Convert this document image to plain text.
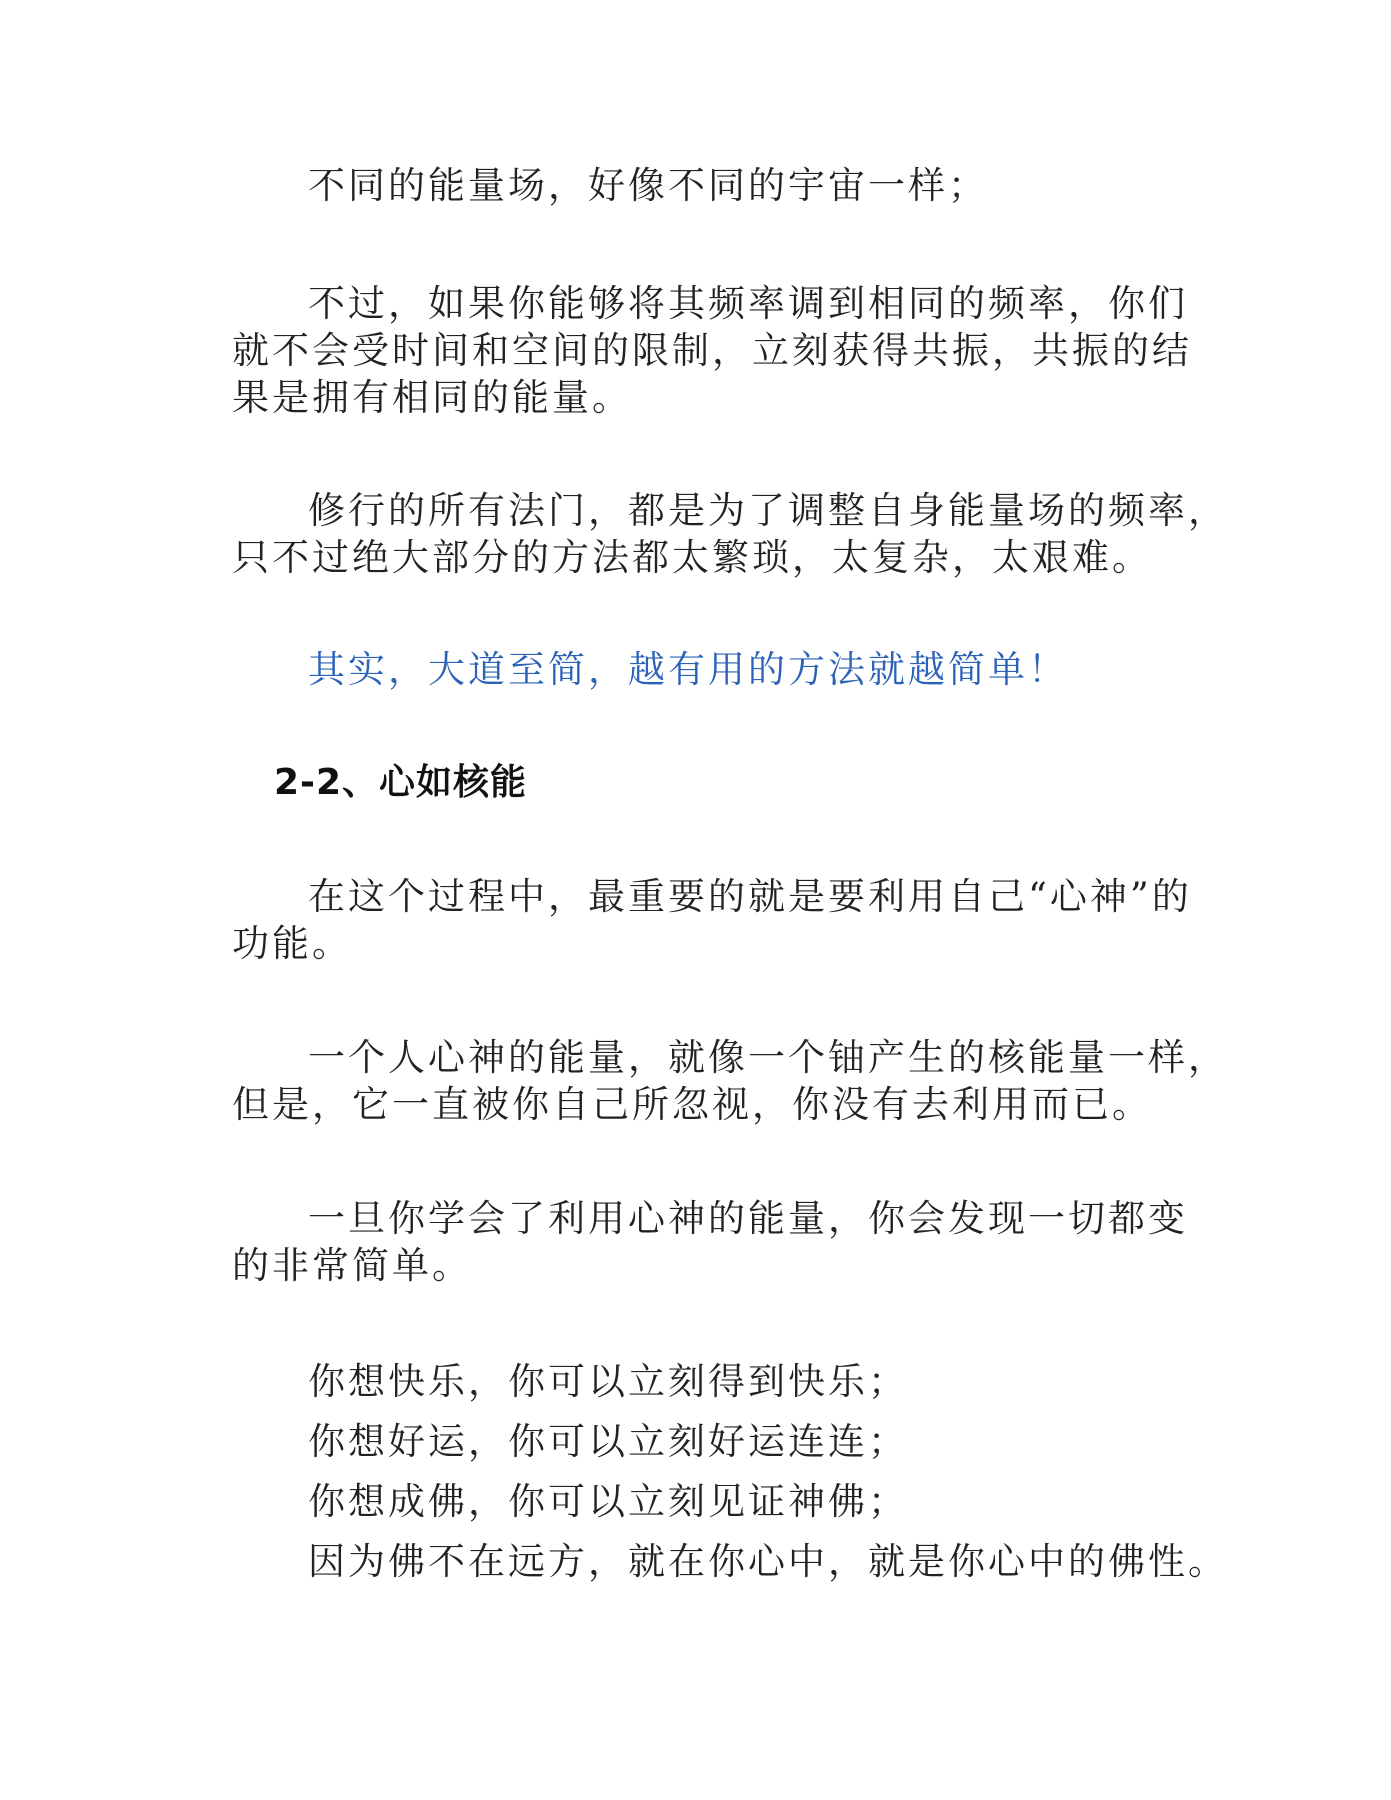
不同的能量场，好像不同的宇宙一样；
不过，如果你能够将其频率调到相同的频率，你们
就不会受时间和空间的限制，立刻获得共振，共振的结
果是拥有相同的能量。
修行的所有法门，都是为了调整自身能量场的频率，
只不过绝大部分的方法都太繁琐，太复杂，太艰难。
其实，大道至简，越有用的方法就越简单！
2-2、心如核能
在这个过程中，最重要的就是要利用自己“心神”的
功能。
一个人心神的能量，就像一个铀产生的核能量一样，
但是，它一直被你自己所忽视，你没有去利用而已。
一旦你学会了利用心神的能量，你会发现一切都变
的非常简单。
你想快乐，你可以立刻得到快乐；
你想好运，你可以立刻好运连连；
你想成佛，你可以立刻见证神佛；
因为佛不在远方，就在你心中，就是你心中的佛性。
